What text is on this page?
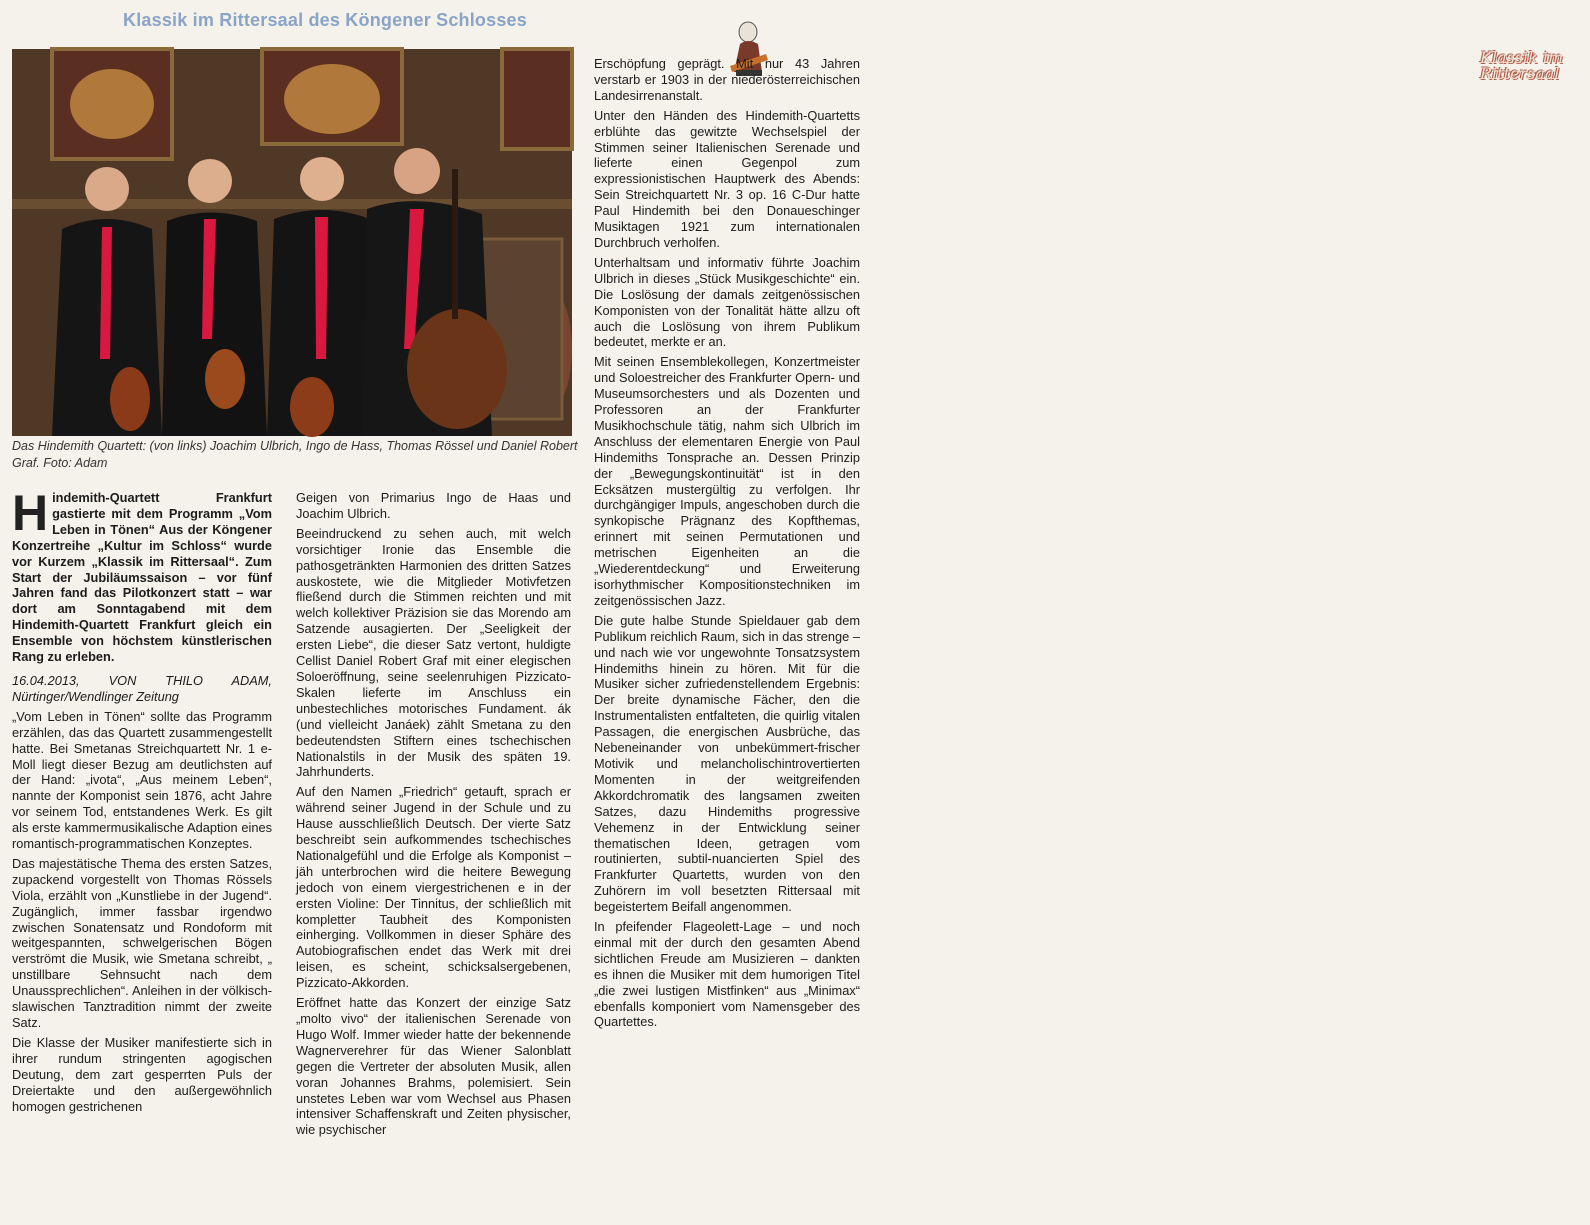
Klassik im Rittersaal des Köngener Schlosses
Klassik im Rittersaal

Das Hindemith Quartett: (von links) Joachim Ulbrich, Ingo de Hass, Thomas Rössel und Daniel Robert Graf. Foto: Adam

Hindemith-Quartett Frankfurt gastierte mit dem Programm „Vom Leben in Tönen“ Aus der Köngener Konzertreihe „Kultur im Schloss“ wurde vor Kurzem „Klassik im Rittersaal“. Zum Start der Jubiläumssaison – vor fünf Jahren fand das Pilotkonzert statt – war dort am Sonntagabend mit dem Hindemith-Quartett Frankfurt gleich ein Ensemble von höchstem künstlerischen Rang zu erleben.

16.04.2013, VON THILO ADAM, Nürtinger/Wendlinger Zeitung

„Vom Leben in Tönen“ sollte das Programm erzählen, das das Quartett zusammengestellt hatte. Bei Smetanas Streichquartett Nr. 1 e-Moll liegt dieser Bezug am deutlichsten auf der Hand: „ivota“, „Aus meinem Leben“, nannte der Komponist sein 1876, acht Jahre vor seinem Tod, entstandenes Werk. Es gilt als erste kammermusikalische Adaption eines romantisch-programmatischen Konzeptes.

Das majestätische Thema des ersten Satzes, zupackend vorgestellt von Thomas Rössels Viola, erzählt von „Kunstliebe in der Jugend“. Zugänglich, immer fassbar irgendwo zwischen Sonatensatz und Rondoform mit weitgespannten, schwelgerischen Bögen verströmt die Musik, wie Smetana schreibt, „ unstillbare Sehnsucht nach dem Unaussprechlichen“. Anleihen in der völkisch-slawischen Tanztradition nimmt der zweite Satz.

Die Klasse der Musiker manifestierte sich in ihrer rundum stringenten agogischen Deutung, dem zart gesperrten Puls der Dreiertakte und den außergewöhnlich homogen gestrichenen

Geigen von Primarius Ingo de Haas und Joachim Ulbrich.

Beeindruckend zu sehen auch, mit welch vorsichtiger Ironie das Ensemble die pathosgetränkten Harmonien des dritten Satzes auskostete, wie die Mitglieder Motivfetzen fließend durch die Stimmen reichten und mit welch kollektiver Präzision sie das Morendo am Satzende ausagierten. Der „Seeligkeit der ersten Liebe“, die dieser Satz vertont, huldigte Cellist Daniel Robert Graf mit einer elegischen Soloeröffnung, seine seelenruhigen Pizzicato-Skalen lieferte im Anschluss ein unbestechliches motorisches Fundament. ák (und vielleicht Janáek) zählt Smetana zu den bedeutendsten Stiftern eines tschechischen Nationalstils in der Musik des späten 19. Jahrhunderts.

Auf den Namen „Friedrich“ getauft, sprach er während seiner Jugend in der Schule und zu Hause ausschließlich Deutsch. Der vierte Satz beschreibt sein aufkommendes tschechisches Nationalgefühl und die Erfolge als Komponist – jäh unterbrochen wird die heitere Bewegung jedoch von einem viergestrichenen e in der ersten Violine: Der Tinnitus, der schließlich mit kompletter Taubheit des Komponisten einherging. Vollkommen in dieser Sphäre des Autobiografischen endet das Werk mit drei leisen, es scheint, schicksalsergebenen, Pizzicato-Akkorden.

Eröffnet hatte das Konzert der einzige Satz „molto vivo“ der italienischen Serenade von Hugo Wolf. Immer wieder hatte der bekennende Wagnerverehrer für das Wiener Salonblatt gegen die Vertreter der absoluten Musik, allen voran Johannes Brahms, polemisiert. Sein unstetes Leben war vom Wechsel aus Phasen intensiver Schaffenskraft und Zeiten physischer, wie psychischer

Erschöpfung geprägt. Mit nur 43 Jahren verstarb er 1903 in der niederösterreichischen Landesirrenanstalt.

Unter den Händen des Hindemith-Quartetts erblühte das gewitzte Wechselspiel der Stimmen seiner Italienischen Serenade und lieferte einen Gegenpol zum expressionistischen Hauptwerk des Abends: Sein Streichquartett Nr. 3 op. 16 C-Dur hatte Paul Hindemith bei den Donaueschinger Musiktagen 1921 zum internationalen Durchbruch verholfen.

Unterhaltsam und informativ führte Joachim Ulbrich in dieses „Stück Musikgeschichte“ ein. Die Loslösung der damals zeitgenössischen Komponisten von der Tonalität hätte allzu oft auch die Loslösung von ihrem Publikum bedeutet, merkte er an.

Mit seinen Ensemblekollegen, Konzertmeister und Soloestreicher des Frankfurter Opern- und Museumsorchesters und als Dozenten und Professoren an der Frankfurter Musikhochschule tätig, nahm sich Ulbrich im Anschluss der elementaren Energie von Paul Hindemiths Tonsprache an. Dessen Prinzip der „Bewegungskontinuität“ ist in den Ecksätzen mustergültig zu verfolgen. Ihr durchgängiger Impuls, angeschoben durch die synkopische Prägnanz des Kopfthemas, erinnert mit seinen Permutationen und metrischen Eigenheiten an die „Wiederentdeckung“ und Erweiterung isorhythmischer Kompositionstechniken im zeitgenössischen Jazz.

Die gute halbe Stunde Spieldauer gab dem Publikum reichlich Raum, sich in das strenge – und nach wie vor ungewohnte Tonsatzsystem Hindemiths hinein zu hören. Mit für die Musiker sicher zufriedenstellendem Ergebnis: Der breite dynamische Fächer, den die Instrumentalisten entfalteten, die quirlig vitalen Passagen, die energischen Ausbrüche, das Nebeneinander von unbekümmert-frischer Motivik und melancholischintrovertierten Momenten in der weitgreifenden Akkordchromatik des langsamen zweiten Satzes, dazu Hindemiths progressive Vehemenz in der Entwicklung seiner thematischen Ideen, getragen vom routinierten, subtil-nuancierten Spiel des Frankfurter Quartetts, wurden von den Zuhörern im voll besetzten Rittersaal mit begeistertem Beifall angenommen.

In pfeifender Flageolett-Lage – und noch einmal mit der durch den gesamten Abend sichtlichen Freude am Musizieren – dankten es ihnen die Musiker mit dem humorigen Titel „die zwei lustigen Mistfinken“ aus „Minimax“ ebenfalls komponiert vom Namensgeber des Quartettes.
